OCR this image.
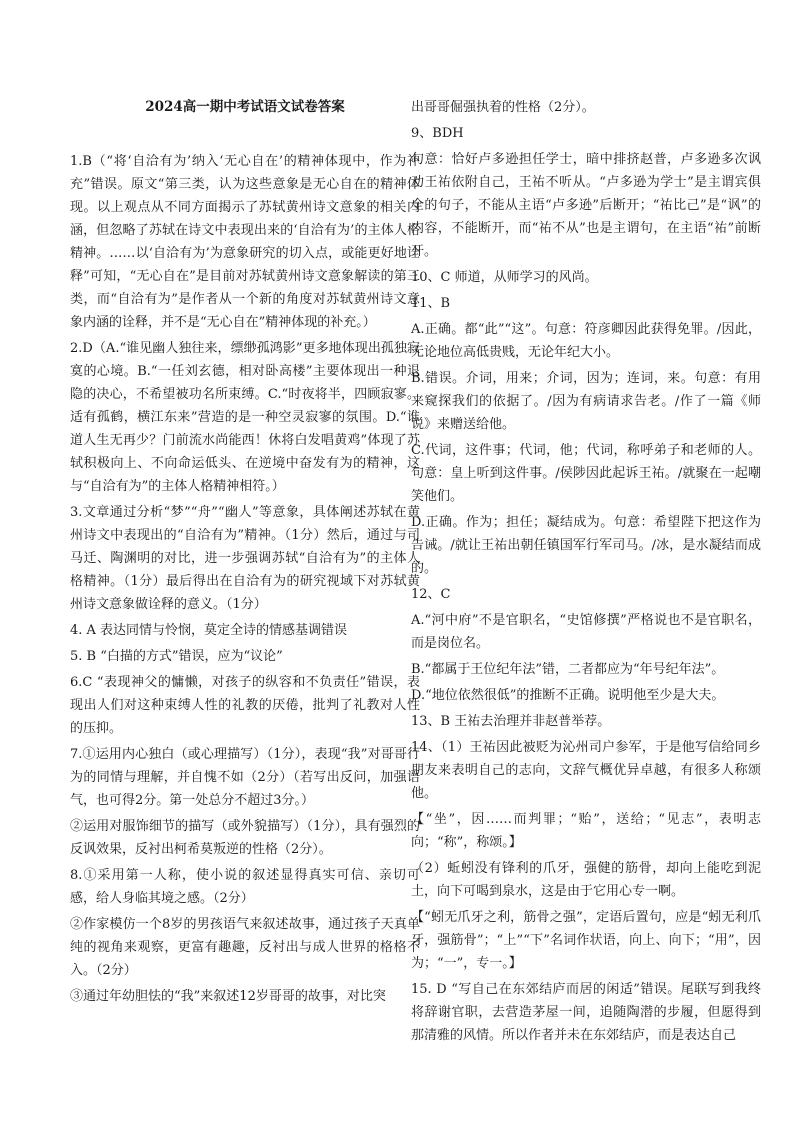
2024高一期中考试语文试卷答案
1.B（“将‘自洽有为’纳入‘无心自在’的精神体现中，作为补充”错误。原文“第三类，认为这些意象是无心自在的精神体现。以上观点从不同方面揭示了苏轼黄州诗文意象的相关内涵，但忽略了苏轼在诗文中表现出来的‘自洽有为’的主体人格精神。……以‘自洽有为’为意象研究的切入点，或能更好地诠释”可知，“无心自在”是目前对苏轼黄州诗文意象解读的第三类，而“自洽有为”是作者从一个新的角度对苏轼黄州诗文意象内涵的诠释，并不是“无心自在”精神体现的补充。）
2.D（A.“谁见幽人独往来，缥缈孤鸿影”更多地体现出孤独寂寞的心境。B.“一任刘玄德，相对卧高楼”主要体现出一种退隐的决心，不希望被功名所束缚。C.“时夜将半，四顾寂寥。适有孤鹤，横江东来”营造的是一种空灵寂寥的氛围。D.“谁道人生无再少？门前流水尚能西！休将白发唱黄鸡”体现了苏轼积极向上、不向命运低头、在逆境中奋发有为的精神，这与“自洽有为”的主体人格精神相符。）
3.文章通过分析“梦”“舟”“幽人”等意象，具体阐述苏轼在黄州诗文中表现出的“自洽有为”精神。（1分）然后，通过与司马迁、陶渊明的对比，进一步强调苏轼“自洽有为”的主体人格精神。（1分）最后得出在自洽有为的研究视域下对苏轼黄州诗文意象做诠释的意义。（1分）
4. A 表达同情与怜悯，莫定全诗的情感基调错误
5. B “白描的方式”错误，应为“议论”
6.C “表现神父的慵懒，对孩子的纵容和不负责任”错误，表现出人们对这种束缚人性的礼教的厌倦，批判了礼教对人性的压抑。
7.①运用内心独白（或心理描写）（1分），表现“我”对哥哥行为的同情与理解，并自愧不如（2分）（若写出反问，加强语气，也可得2分。第一处总分不超过3分。）
②运用对服饰细节的描写（或外貌描写）（1分），具有强烈的反讽效果，反衬出柯希莫叛逆的性格（2分）。
8.①采用第一人称，使小说的叙述显得真实可信、亲切可感，给人身临其境之感。（2分）
②作家模仿一个8岁的男孩语气来叙述故事，通过孩子天真单纯的视角来观察，更富有趣趣，反衬出与成人世界的格格不入。（2分）
③通过年幼胆怯的“我”来叙述12岁哥哥的故事，对比突
出哥哥倔强执着的性格（2分）。
9、BDH
句意：恰好卢多逊担任学士，暗中排挤赵普，卢多逊多次讽劝王祐依附自己，王祐不听从。“卢多逊为学士”是主谓宾俱全的句子，不能从主语“卢多逊”后断开；“祐比己”是“讽”的内容，不能断开，而“祐不从”也是主谓句，在主语“祐”前断开。
10、C 师道，从师学习的风尚。
11、B
A.正确。都“此”“这”。句意：符彦卿因此获得免罪。/因此，无论地位高低贵贱，无论年纪大小。
B.错误。介词，用来；介词，因为；连词，来。句意：有用来窥探我们的依据了。/因为有病请求告老。/作了一篇《师说》来赠送给他。
C.代词，这件事；代词，他；代词，称呼弟子和老师的人。句意：皇上听到这件事。/侯陟因此起诉王祐。/就聚在一起嘲笑他们。
D.正确。作为；担任；凝结成为。句意：希望陛下把这作为告诫。/就让王祐出朝任镇国军行军司马。/冰，是水凝结而成的。
12、C
A.“河中府”不是官职名，“史馆修撰”严格说也不是官职名，而是岗位名。
B.“都属于王位纪年法”错，二者都应为“年号纪年法”。
D.“地位依然很低”的推断不正确。说明他至少是大夫。
13、B 王祐去治理并非赵普举荐。
14、（1）王祐因此被贬为沁州司户参军，于是他写信给同乡朋友来表明自己的志向，文辞气概优异卓越，有很多人称颂他。
【“坐”，因……而判罪；“贻”，送给；“见志”，表明志向；“称”，称颂。】
（2）蚯蚓没有锋利的爪牙，强健的筋骨，却向上能吃到泥土，向下可喝到泉水，这是由于它用心专一啊。
【“蚓无爪牙之利，筋骨之强”，定语后置句，应是“蚓无利爪牙，强筋骨”；“上”“下”名词作状语，向上、向下；“用”，因为；“一”，专一。】
15. D “写自己在东郊结庐而居的闲适”错误。尾联写到我终将辞谢官职，去营造茅屋一间，追随陶潜的步履，但愿得到那清雅的风情。所以作者并未在东郊结庐，而是表达自己
